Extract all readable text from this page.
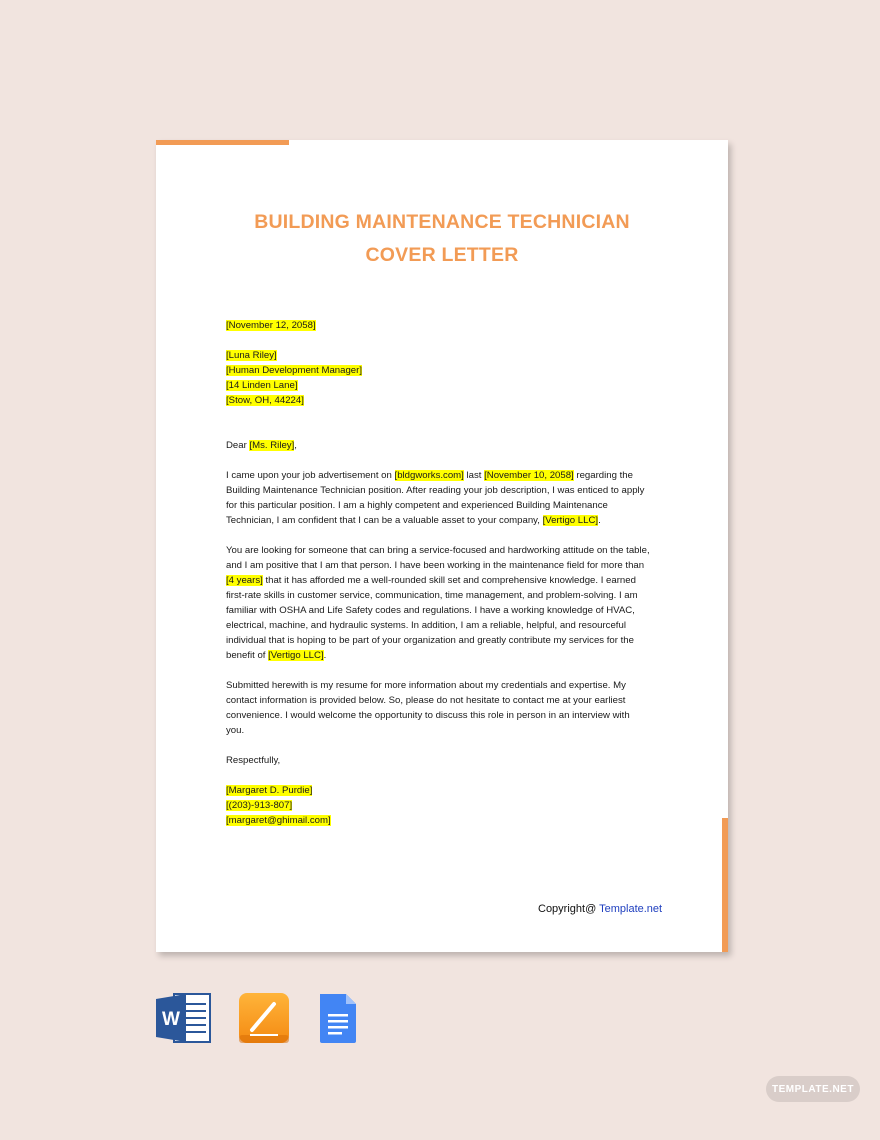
BUILDING MAINTENANCE TECHNICIAN
COVER LETTER
[November 12, 2058]
[Luna Riley]
[Human Development Manager]
[14 Linden Lane]
[Stow, OH, 44224]
Dear [Ms. Riley],
I came upon your job advertisement on [bldgworks.com] last [November 10, 2058] regarding the
Building Maintenance Technician position. After reading your job description, I was enticed to apply
for this particular position. I am a highly competent and experienced Building Maintenance
Technician, I am confident that I can be a valuable asset to your company, [Vertigo LLC].
You are looking for someone that can bring a service-focused and hardworking attitude on the table,
and I am positive that I am that person. I have been working in the maintenance field for more than
[4 years] that it has afforded me a well-rounded skill set and comprehensive knowledge. I earned
first-rate skills in customer service, communication, time management, and problem-solving. I am
familiar with OSHA and Life Safety codes and regulations. I have a working knowledge of HVAC,
electrical, machine, and hydraulic systems. In addition, I am a reliable, helpful, and resourceful
individual that is hoping to be part of your organization and greatly contribute my services for the
benefit of [Vertigo LLC].
Submitted herewith is my resume for more information about my credentials and expertise. My
contact information is provided below. So, please do not hesitate to contact me at your earliest
convenience. I would welcome the opportunity to discuss this role in person in an interview with
you.
Respectfully,
[Margaret D. Purdie]
[(203)-913-807]
[margaret@ghimail.com]
Copyright@ Template.net
W
TEMPLATE.NET
